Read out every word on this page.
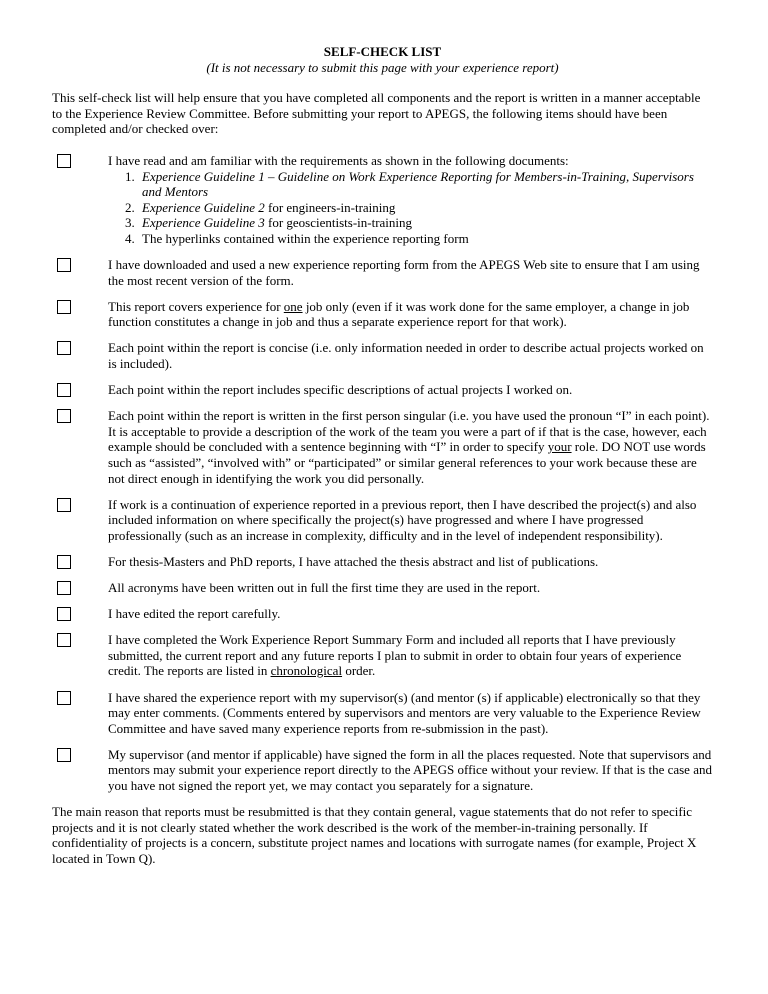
SELF-CHECK LIST
(It is not necessary to submit this page with your experience report)
This self-check list will help ensure that you have completed all components and the report is written in a manner acceptable to the Experience Review Committee. Before submitting your report to APEGS, the following items should have been completed and/or checked over:
I have read and am familiar with the requirements as shown in the following documents:
1. Experience Guideline 1 – Guideline on Work Experience Reporting for Members-in-Training, Supervisors and Mentors
2. Experience Guideline 2 for engineers-in-training
3. Experience Guideline 3 for geoscientists-in-training
4. The hyperlinks contained within the experience reporting form
I have downloaded and used a new experience reporting form from the APEGS Web site to ensure that I am using the most recent version of the form.
This report covers experience for one job only (even if it was work done for the same employer, a change in job function constitutes a change in job and thus a separate experience report for that work).
Each point within the report is concise (i.e. only information needed in order to describe actual projects worked on is included).
Each point within the report includes specific descriptions of actual projects I worked on.
Each point within the report is written in the first person singular (i.e. you have used the pronoun “I” in each point). It is acceptable to provide a description of the work of the team you were a part of if that is the case, however, each example should be concluded with a sentence beginning with “I” in order to specify your role. DO NOT use words such as “assisted”, “involved with” or “participated” or similar general references to your work because these are not direct enough in identifying the work you did personally.
If work is a continuation of experience reported in a previous report, then I have described the project(s) and also included information on where specifically the project(s) have progressed and where I have progressed professionally (such as an increase in complexity, difficulty and in the level of independent responsibility).
For thesis-Masters and PhD reports, I have attached the thesis abstract and list of publications.
All acronyms have been written out in full the first time they are used in the report.
I have edited the report carefully.
I have completed the Work Experience Report Summary Form and included all reports that I have previously submitted, the current report and any future reports I plan to submit in order to obtain four years of experience credit. The reports are listed in chronological order.
I have shared the experience report with my supervisor(s) (and mentor (s) if applicable) electronically so that they may enter comments. (Comments entered by supervisors and mentors are very valuable to the Experience Review Committee and have saved many experience reports from re-submission in the past).
My supervisor (and mentor if applicable) have signed the form in all the places requested. Note that supervisors and mentors may submit your experience report directly to the APEGS office without your review. If that is the case and you have not signed the report yet, we may contact you separately for a signature.
The main reason that reports must be resubmitted is that they contain general, vague statements that do not refer to specific projects and it is not clearly stated whether the work described is the work of the member-in-training personally. If confidentiality of projects is a concern, substitute project names and locations with surrogate names (for example, Project X located in Town Q).
